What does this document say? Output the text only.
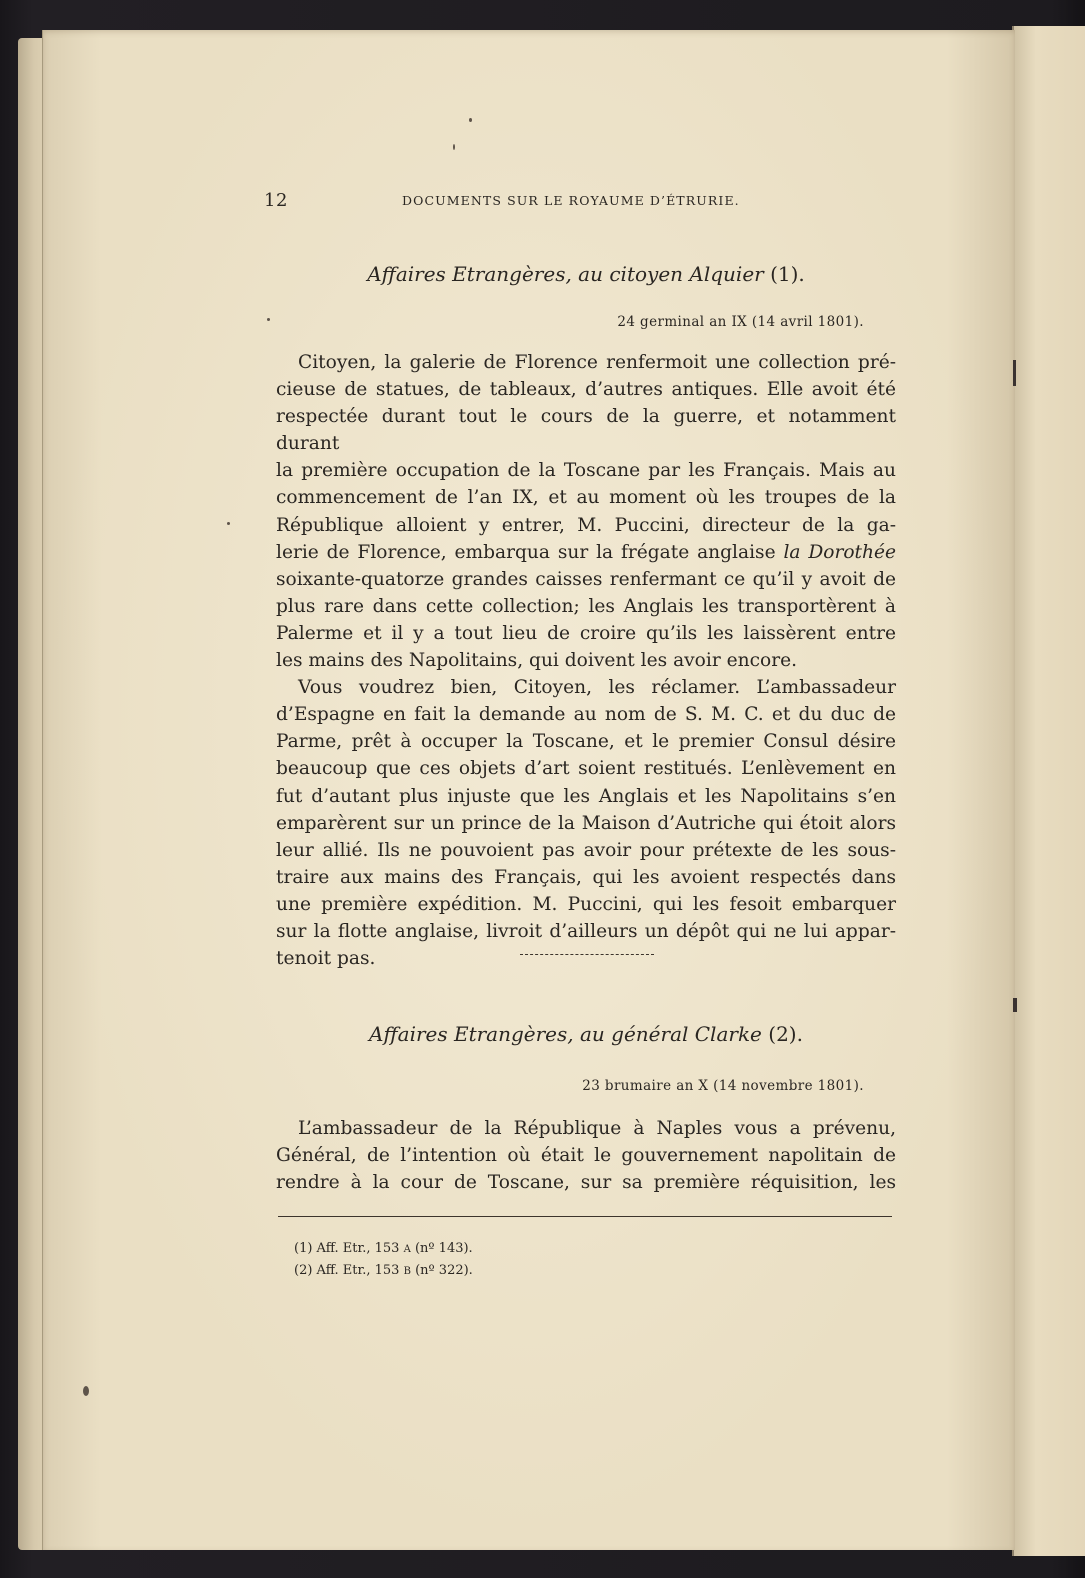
12	DOCUMENTS SUR LE ROYAUME D’ÉTRURIE.
Affaires Etrangères, au citoyen Alquier (1).
24 germinal an IX (14 avril 1801).
Citoyen, la galerie de Florence renfermoit une collection pré-
cieuse de statues, de tableaux, d’autres antiques. Elle avoit été
respectée durant tout le cours de la guerre, et notamment durant
la première occupation de la Toscane par les Français. Mais au
commencement de l’an IX, et au moment où les troupes de la
République alloient y entrer, M. Puccini, directeur de la ga-
lerie de Florence, embarqua sur la frégate anglaise la Dorothée
soixante-quatorze grandes caisses renfermant ce qu’il y avoit de
plus rare dans cette collection; les Anglais les transportèrent à
Palerme et il y a tout lieu de croire qu’ils les laissèrent entre
les mains des Napolitains, qui doivent les avoir encore.
Vous voudrez bien, Citoyen, les réclamer. L’ambassadeur
d’Espagne en fait la demande au nom de S. M. C. et du duc de
Parme, prêt à occuper la Toscane, et le premier Consul désire
beaucoup que ces objets d’art soient restitués. L’enlèvement en
fut d’autant plus injuste que les Anglais et les Napolitains s’en
emparèrent sur un prince de la Maison d’Autriche qui étoit alors
leur allié. Ils ne pouvoient pas avoir pour prétexte de les sous-
traire aux mains des Français, qui les avoient respectés dans
une première expédition. M. Puccini, qui les fesoit embarquer
sur la flotte anglaise, livroit d’ailleurs un dépôt qui ne lui appar-
tenoit pas.
Affaires Etrangères, au général Clarke (2).
23 brumaire an X (14 novembre 1801).
L’ambassadeur de la République à Naples vous a prévenu,
Général, de l’intention où était le gouvernement napolitain de
rendre à la cour de Toscane, sur sa première réquisition, les
(1) Aff. Etr., 153 A (nº 143).
(2) Aff. Etr., 153 B (nº 322).
